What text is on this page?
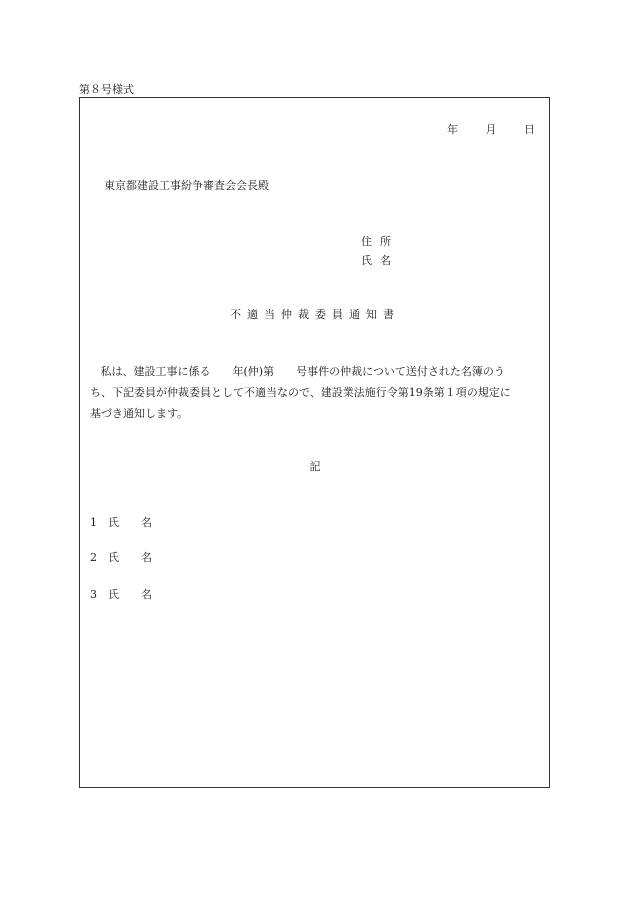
第８号様式
年	月	日
東京都建設工事紛争審査会会長殿
住所
氏名
不適当仲裁委員通知書

私は、建設工事に係る　　年(仲)第　　号事件の仲裁について送付された名簿のう

ち、下記委員が仲裁委員として不適当なので、建設業法施行令第19条第１項の規定に

基づき通知します。

記
1 氏名
2 氏名
3 氏名
